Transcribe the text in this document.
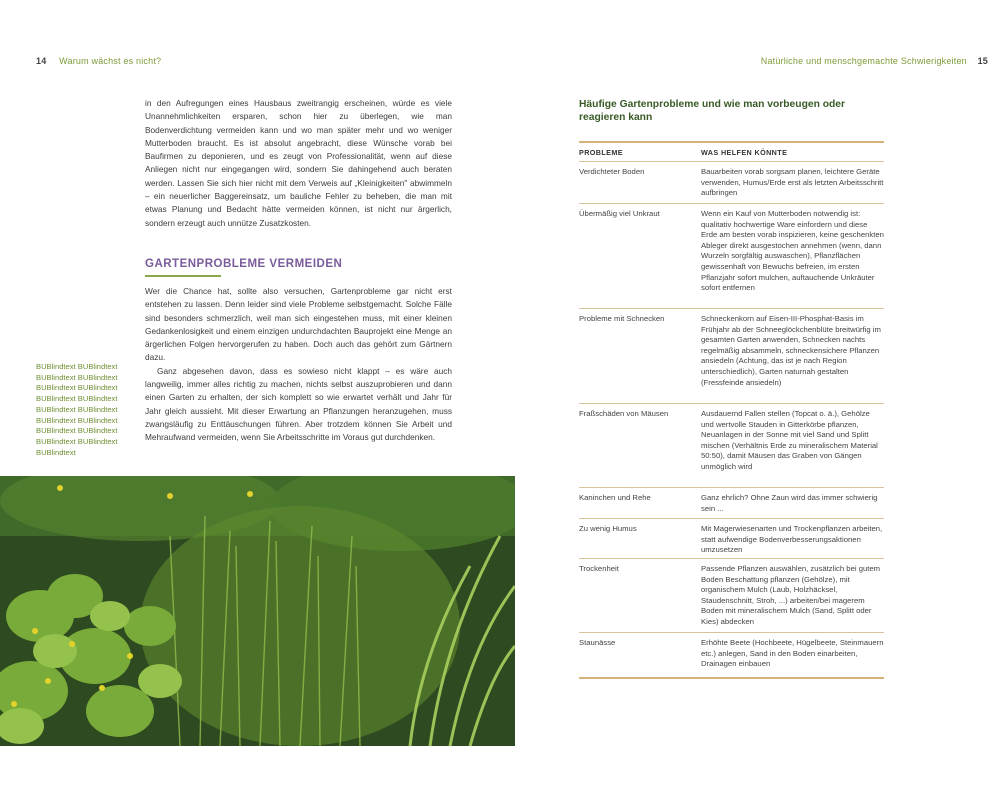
14 Warum wächst es nicht?

in den Aufregungen eines Hausbaus zweitrangig erscheinen, würde es viele Unannehmlichkeiten ersparen, schon hier zu überlegen, wie man Bodenverdichtung vermeiden kann und wo man später mehr und wo weniger Mutterboden braucht. Es ist absolut angebracht, diese Wünsche vorab bei Baufirmen zu deponieren, und es zeugt von Professionalität, wenn auf diese Anliegen nicht nur eingegangen wird, sondern Sie dahingehend auch beraten werden. Lassen Sie sich hier nicht mit dem Verweis auf „Kleinigkeiten" abwimmeln – ein neuerlicher Baggereinsatz, um bauliche Fehler zu beheben, die man mit etwas Planung und Bedacht hätte vermeiden können, ist nicht nur ärgerlich, sondern erzeugt auch unnütze Zusatzkosten.

GARTENPROBLEME VERMEIDEN

Wer die Chance hat, sollte also versuchen, Gartenprobleme gar nicht erst entstehen zu lassen. Denn leider sind viele Probleme selbstgemacht. Solche Fälle sind besonders schmerzlich, weil man sich eingestehen muss, mit einer kleinen Gedankenlosigkeit und einem einzigen undurchdachten Bauprojekt eine Menge an ärgerlichen Folgen hervorgerufen zu haben. Doch auch das gehört zum Gärtnern dazu.

Ganz abgesehen davon, dass es sowieso nicht klappt – es wäre auch langweilig, immer alles richtig zu machen, nichts selbst auszuprobieren und dann einen Garten zu erhalten, der sich komplett so wie erwartet verhält und Jahr für Jahr gleich aussieht. Mit dieser Erwartung an Pflanzungen heranzugehen, muss zwangsläufig zu Enttäuschungen führen. Aber trotzdem können Sie Arbeit und Mehraufwand vermeiden, wenn Sie Arbeitsschritte im Voraus gut durchdenken.

BUBlindtext BUBlindtext BUBlindtext BUBlindtext BUBlindtext BUBlindtext BUBlindtext BUBlindtext BUBlindtext BUBlindtext BUBlindtext BUBlindtext BUBlindtext BUBlindtext BUBlindtext BUBlindtext BUBlindtext

Natürliche und menschgemachte Schwierigkeiten 15
Häufige Gartenprobleme und wie man vorbeugen oder reagieren kann
PROBLEME	WAS HELFEN KÖNNTE
Verdichteter Boden	Bauarbeiten vorab sorgsam planen, leichtere Geräte verwenden, Humus/Erde erst als letzten Arbeitsschritt aufbringen
Übermäßig viel Unkraut	Wenn ein Kauf von Mutterboden notwendig ist: qualitativ hochwertige Ware einfordern und diese Erde am besten vorab inspizieren, keine geschenkten Ableger direkt ausgestochen annehmen (wenn, dann Wurzeln sorgfältig auswaschen), Pflanzflächen gewissenhaft von Bewuchs befreien, im ersten Pflanzjahr sofort mulchen, auftauchende Unkräuter sofort entfernen
Probleme mit Schnecken	Schneckenkorn auf Eisen-III-Phosphat-Basis im Frühjahr ab der Schneeglöckchenblüte breitwürfig im gesamten Garten anwenden, Schnecken nachts regelmäßig absammeln, schneckensichere Pflanzen ansiedeln (Achtung, das ist je nach Region unterschiedlich), Garten naturnah gestalten (Fressfeinde ansiedeln)
Fraßschäden von Mäusen	Ausdauernd Fallen stellen (Topcat o. ä.), Gehölze und wertvolle Stauden in Gitterkörbe pflanzen, Neuanlagen in der Sonne mit viel Sand und Splitt mischen (Verhältnis Erde zu mineralischem Material 50:50), damit Mäusen das Graben von Gängen unmöglich wird
Kaninchen und Rehe	Ganz ehrlich? Ohne Zaun wird das immer schwierig sein ...
Zu wenig Humus	Mit Magerwiesenarten und Trockenpflanzen arbeiten, statt aufwendige Bodenverbesserungsaktionen umzusetzen
Trockenheit	Passende Pflanzen auswählen, zusätzlich bei gutem Boden Beschattung pflanzen (Gehölze), mit organischem Mulch (Laub, Holzhäcksel, Staudenschnitt, Stroh, ...) arbeiten/bei magerem Boden mit mineralischem Mulch (Sand, Splitt oder Kies) abdecken
Staunässe	Erhöhte Beete (Hochbeete, Hügelbeete, Steinmauern etc.) anlegen, Sand in den Boden einarbeiten, Drainagen einbauen
